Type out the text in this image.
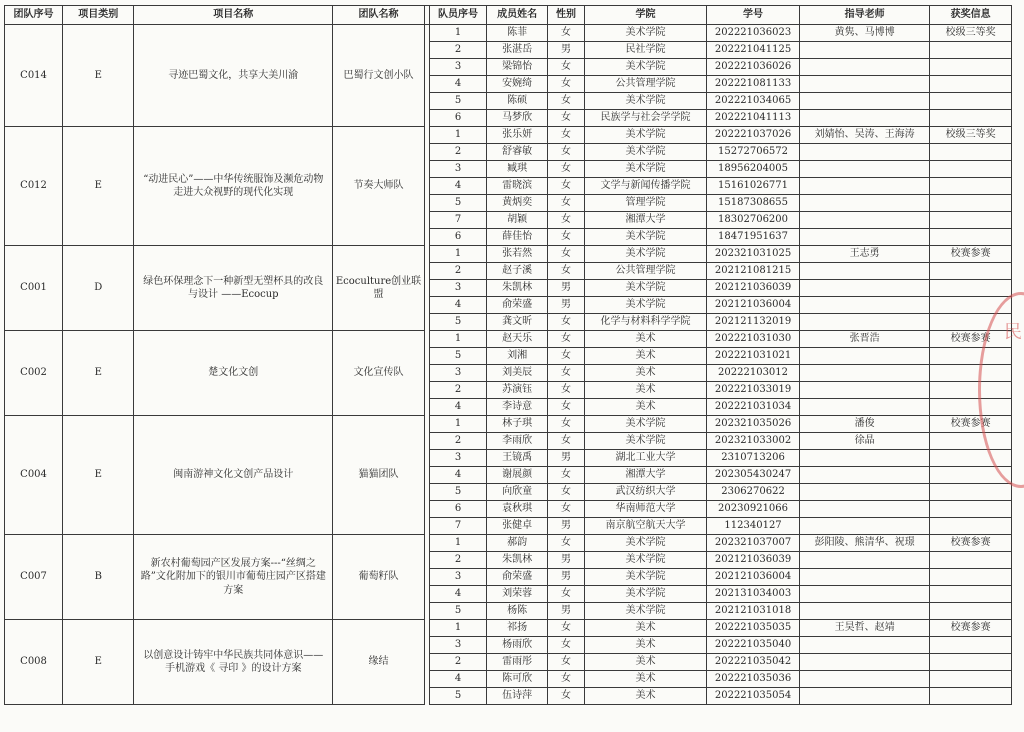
团队序号	项目类别	项目名称	团队名称		队员序号	成员姓名	性别	学院	学号	指导老师	获奖信息
C014	E	寻迹巴蜀文化，共享大美川渝	巴蜀行文创小队		1	陈菲	女	美术学院	202221036023	黄隽、马博博	校级三等奖
					2	张湛岳	男	民社学院	202221041125		
					3	梁锦怡	女	美术学院	202221036026		
					4	安婉绮	女	公共管理学院	202221081133		
					5	陈硕	女	美术学院	202221034065		
					6	马梦欣	女	民族学与社会学学院	202221041113		
C012	E	“动进民心”——中华传统服饰及濒危动物走进大众视野的现代化实现	节奏大师队		1	张乐妍	女	美术学院	202221037026	刘婧怡、吴涛、王海涛	校级三等奖
					2	舒睿敏	女	美术学院	15272706572		
					3	臧琪	女	美术学院	18956204005		
					4	雷晓滨	女	文学与新闻传播学院	15161026771		
					5	黄炳奕	女	管理学院	15187308655		
					7	胡颖	女	湘潭大学	18302706200		
					6	薛佳怡	女	美术学院	18471951637		
C001	D	绿色环保理念下一种新型无塑杯具的改良与设计 ——Ecocup	Ecoculture创业联盟		1	张若然	女	美术学院	202321031025	王志勇	校赛参赛
					2	赵子溪	女	公共管理学院	202121081215		
					3	朱凯林	男	美术学院	202121036039		
					4	俞荣盛	男	美术学院	202121036004		
					5	龚文昕	女	化学与材料科学学院	202121132019		
C002	E	楚文化文创	文化宣传队		1	赵天乐	女	美术	202221031030	张晋浩	校赛参赛
					5	刘湘	女	美术	202221031021		
					3	刘美辰	女	美术	20222103012		
					2	苏演钰	女	美术	202221033019		
					4	李诗意	女	美术	202221031034		
C004	E	闽南游神文化文创产品设计	猫猫团队		1	林子琪	女	美术学院	202321035026	潘俊	校赛参赛
					2	李雨欣	女	美术学院	202321033002	徐晶	
					3	王镜禹	男	湖北工业大学	2310713206		
					4	谢展颜	女	湘潭大学	202305430247		
					5	向欣童	女	武汉纺织大学	2306270622		
					6	袁秋琪	女	华南师范大学	20230921066		
					7	张健卓	男	南京航空航天大学	112340127		
C007	B	新农村葡萄园产区发展方案---“丝绸之路”文化附加下的银川市葡萄庄园产区搭建方案	葡萄籽队		1	郝韵	女	美术学院	202321037007	彭阳陵、熊清华、祝璟	校赛参赛
					2	朱凯林	男	美术学院	202121036039		
					3	俞荣盛	男	美术学院	202121036004		
					4	刘荣蓉	女	美术学院	202131034003		
					5	杨陈	男	美术学院	202121031018		
C008	E	以创意设计铸牢中华民族共同体意识——手机游戏《 寻印 》的设计方案	缘结		1	祁扬	女	美术	202221035035	王昊哲、赵靖	校赛参赛
					3	杨雨欣	女	美术	202221035040		
					2	雷雨彤	女	美术	202221035042		
					4	陈可欣	女	美术	202221035036		
					5	伍诗萍	女	美术	202221035054		
民
